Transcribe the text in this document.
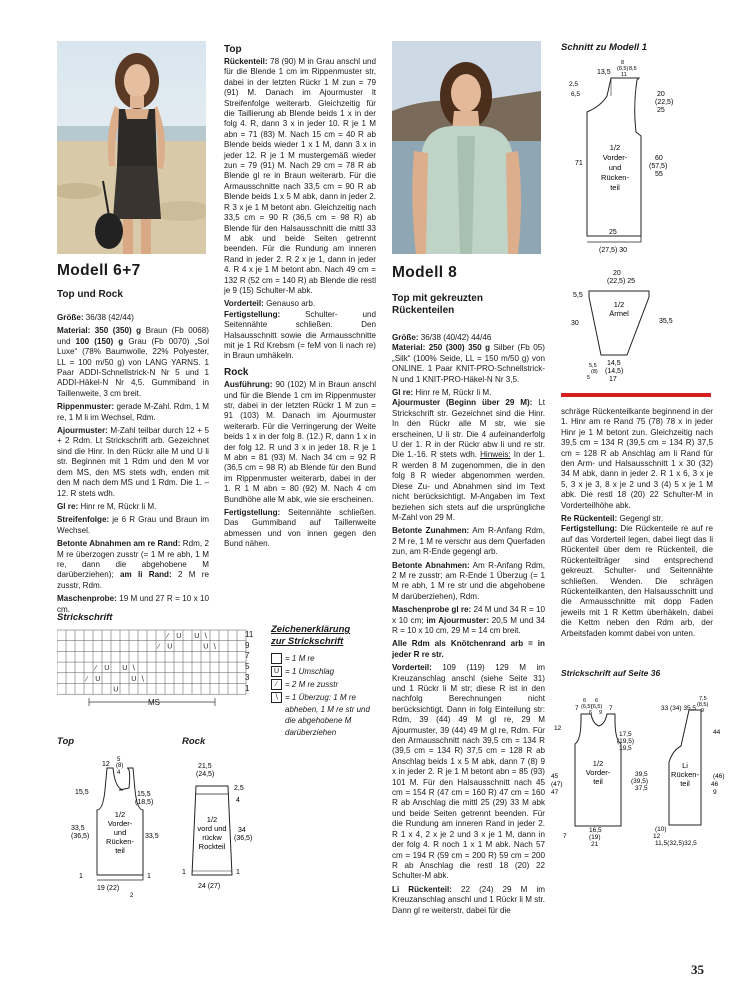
Modell 6+7
Top und Rock

Größe: 36/38 (42/44)

Material: 350 (350) g Braun (Fb 0068) und 100 (150) g Grau (Fb 0070) „Sol Luxe“ (78% Baumwolle, 22% Polyester, LL = 100 m/50 g) von LANG YARNS. 1 Paar ADDI-Schnellstrick-N Nr 5 und 1 ADDI-Häkel-N Nr 4,5. Gummiband in Taillenweite, 3 cm breit.

Rippenmuster: gerade M-Zahl. Rdm, 1 M re, 1 M li im Wechsel, Rdm.

Ajourmuster: M-Zahl teilbar durch 12 + 5 + 2 Rdm. Lt Strickschrift arb. Gezeichnet sind die Hinr. In den Rückr alle M und U li str. Beginnen mit 1 Rdm und den M vor dem MS, den MS stets wdh, enden mit den M nach dem MS und 1 Rdm. Die 1. – 12. R stets wdh.

Gl re: Hinr re M, Rückr li M.

Streifenfolge: je 6 R Grau und Braun im Wechsel.

Betonte Abnahmen am re Rand: Rdm, 2 M re überzogen zusstr (= 1 M re abh, 1 M re, dann die abgehobene M darüberziehen); am li Rand: 2 M re zusstr, Rdm.

Maschenprobe: 19 M und 27 R = 10 x 10 cm.

Top

Rückenteil: 78 (90) M in Grau anschl und für die Blende 1 cm im Rippenmuster str, dabei in der letzten Rückr 1 M zun = 79 (91) M. Danach im Ajourmuster lt Streifenfolge weiterarb. Gleichzeitig für die Taillierung ab Blende beids 1 x in der folg 4. R, dann 3 x in jeder 10. R je 1 M abn = 71 (83) M. Nach 15 cm = 40 R ab Blende beids wieder 1 x 1 M, dann 3 x in jeder 12. R je 1 M mustergemäß wieder zun = 79 (91) M. Nach 29 cm = 78 R ab Blende gl re in Braun weiterarb. Für die Armausschnitte nach 33,5 cm = 90 R ab Blende beids 1 x 5 M abk, dann in jeder 2. R 3 x je 1 M betont abn. Gleichzeitig nach 33,5 cm = 90 R (36,5 cm = 98 R) ab Blende für den Halsausschnitt die mittl 33 M abk und beide Seiten getrennt beenden. Für die Rundung am inneren Rand in jeder 2. R 2 x je 1, dann in jeder 4. R 4 x je 1 M betont abn. Nach 49 cm = 132 R (52 cm = 140 R) ab Blende die restl je 9 (15) Schulter-M abk.

Vorderteil: Genauso arb.

Fertigstellung: Schulter- und Seitennähte schließen. Den Halsausschnitt sowie die Armausschnitte mit je 1 Rd Krebsm (= feM von li nach re) in Braun umhäkeln.

Rock

Ausführung: 90 (102) M in Braun anschl und für die Blende 1 cm im Rippenmuster str, dabei in der letzten Rückr 1 M zun = 91 (103) M. Danach im Ajourmuster weiterarb. Für die Verringerung der Weite beids 1 x in der folg 8. (12.) R, dann 1 x in der folg 12. R und 3 x in jeder 18. R je 1 M abn = 81 (93) M. Nach 34 cm = 92 R (36,5 cm = 98 R) ab Blende für den Bund im Rippenmuster weiterarb, dabei in der 1. R 1 M abn = 80 (92) M. Nach 4 cm Bundhöhe alle M abk, wie sie erscheinen.

Fertigstellung: Seitennähte schließen. Das Gummiband auf Taillenweite abmessen und von innen gegen den Bund nähen.

Strickschrift
∕ U U ∖
∕ U	U ∖
∕ U U ∖
∕ U	U ∖
U
MS
11
9
7
5
3
1
Zeichenerklärung
zur Strickschrift
= 1 M re
U = 1 Umschlag
∕ = 2 M re zusstr
∖ = 1 Überzug: 1 M re abheben, 1 M re str und die abgehobene M darüberziehen
Top	Rock
12
5
(8)
4
15,5	15,5
(18,5)
33,5
(36,5)	33,5
1
19 (22)
1
2
1/2
Vorder-
und
Rücken-
teil
21,5
(24,5)
2,5
4
34
(36,5)
1
24 (27)
1
1/2
vord und
rückw
Rockteil
Modell 8
Top mit gekreuzten
Rückenteilen

Größe: 36/38 (40/42) 44/46

Material: 250 (300) 350 g Silber (Fb 05) „Silk“ (100% Seide, LL = 150 m/50 g) von ONLINE. 1 Paar KNIT-PRO-Schnellstrick-N und 1 KNIT-PRO-Häkel-N Nr 3,5.

Gl re: Hinr re M, Rückr li M.

Ajourmuster (Beginn über 29 M): Lt Strickschrift str. Gezeichnet sind die Hinr. In den Rückr alle M str, wie sie erscheinen, U li str. Die 4 aufeinanderfolg U der 1. R in der Rückr abw li und re str. Die 1.-16. R stets wdh. Hinweis: In der 1. R werden 8 M zugenommen, die in den folg 8 R wieder abgenommen werden. Diese Zu- und Abnahmen sind im Text nicht berücksichtigt. M-Angaben im Text beziehen sich stets auf die ursprüngliche M-Zahl von 29 M.

Betonte Zunahmen: Am R-Anfang Rdm, 2 M re, 1 M re verschr aus dem Querfaden zun, am R-Ende gegengl arb.

Betonte Abnahmen: Am R-Anfang Rdm, 2 M re zusstr; am R-Ende 1 Überzug (= 1 M re abh, 1 M re str und die abgehobene M darüberziehen), Rdm.

Maschenprobe gl re: 24 M und 34 R = 10 x 10 cm; im Ajourmuster: 20,5 M und 34 R = 10 x 10 cm, 29 M = 14 cm breit.

Alle Rdm als Knötchenrand arb = in jeder R re str.

Vorderteil: 109 (119) 129 M im Kreuzanschlag anschl (siehe Seite 31) und 1 Rückr li M str; diese R ist in den nachfolg Berechnungen nicht berücksichtigt. Dann in folg Einteilung str: Rdm, 39 (44) 49 M gl re, 29 M Ajourmuster, 39 (44) 49 M gl re, Rdm. Für den Armausschnitt nach 39,5 cm = 134 R (39,5 cm = 134 R) 37,5 cm = 128 R ab Anschlag beids 1 x 5 M abk, dann 7 (8) 9 x in jeder 2. R je 1 M betont abn = 85 (93) 101 M. Für den Halsausschnitt nach 45 cm = 154 R (47 cm = 160 R) 47 cm = 160 R ab Anschlag die mittl 25 (29) 33 M abk und beide Seiten getrennt beenden. Für die Rundung am inneren Rand in jeder 2. R 1 x 4, 2 x je 2 und 3 x je 1 M, dann in der folg 4. R noch 1 x 1 M abk. Nach 57 cm = 194 R (59 cm = 200 R) 59 cm = 200 R ab Anschlag die restl 18 (20) 22 Schulter-M abk.

Li Rückenteil: 22 (24) 29 M im Kreuzanschlag anschl und 1 Rückr li M str. Dann gl re weiterstr, dabei für die

schräge Rückenteilkante beginnend in der 1. Hinr am re Rand 75 (78) 78 x in jeder Hinr je 1 M betont zun. Gleichzeitig nach 39,5 cm = 134 R (39,5 cm = 134 R) 37,5 cm = 128 R ab Anschlag am li Rand für den Arm- und Halsausschnitt 1 x 30 (32) 34 M abk, dann in jeder 2. R 1 x 6, 3 x je 5, 3 x je 3, 8 x je 2 und 3 (4) 5 x je 1 M abk. Die restl 18 (20) 22 Schulter-M in Vorderteilhöhe abk.

Re Rückenteil: Gegengl str.

Fertigstellung: Die Rückenteile re auf re auf das Vorderteil legen, dabei liegt das li Rückenteil über dem re Rückenteil, die Rückenteilträger sind entsprechend gekreuzt. Schulter- und Seitennähte schließen. Wenden. Die schrägen Rückenteilkanten, den Halsausschnitt und die Armausschnitte mit dopp Faden jeweils mit 1 R Kettm überhäkeln, dabei die Kettm neben den Rdm arb, der Arbeitsfaden kommt dabei von unten.

Schnitt zu Modell 1
13,5
8
(8,5) 8,5
11
2,5
6,5
71
20
(22,5)
25
60
(57,5)
55
25
(27,5) 30
1/2
Vorder-
und
Rücken-
teil
20
(22,5) 25
5,5
30	35,5
14,5
(14,5)
17
5,5
(8)
5
1/2
Ärmel
Strickschrift auf Seite 36
7
6
(6,5)
6
(6,5) 7
9
6
7,5
(8,5)
9
12
45
(47)
47
17,5
(19,5)
19,5
39,5
(39,5)
37,5
16,5
(19)
21
7
33 (34) 35,5
44
(46)
46
9
(10)
12
11,5(32,5)32,5
1/2
Vorder-
teil
Li
Rücken-
teil
35
